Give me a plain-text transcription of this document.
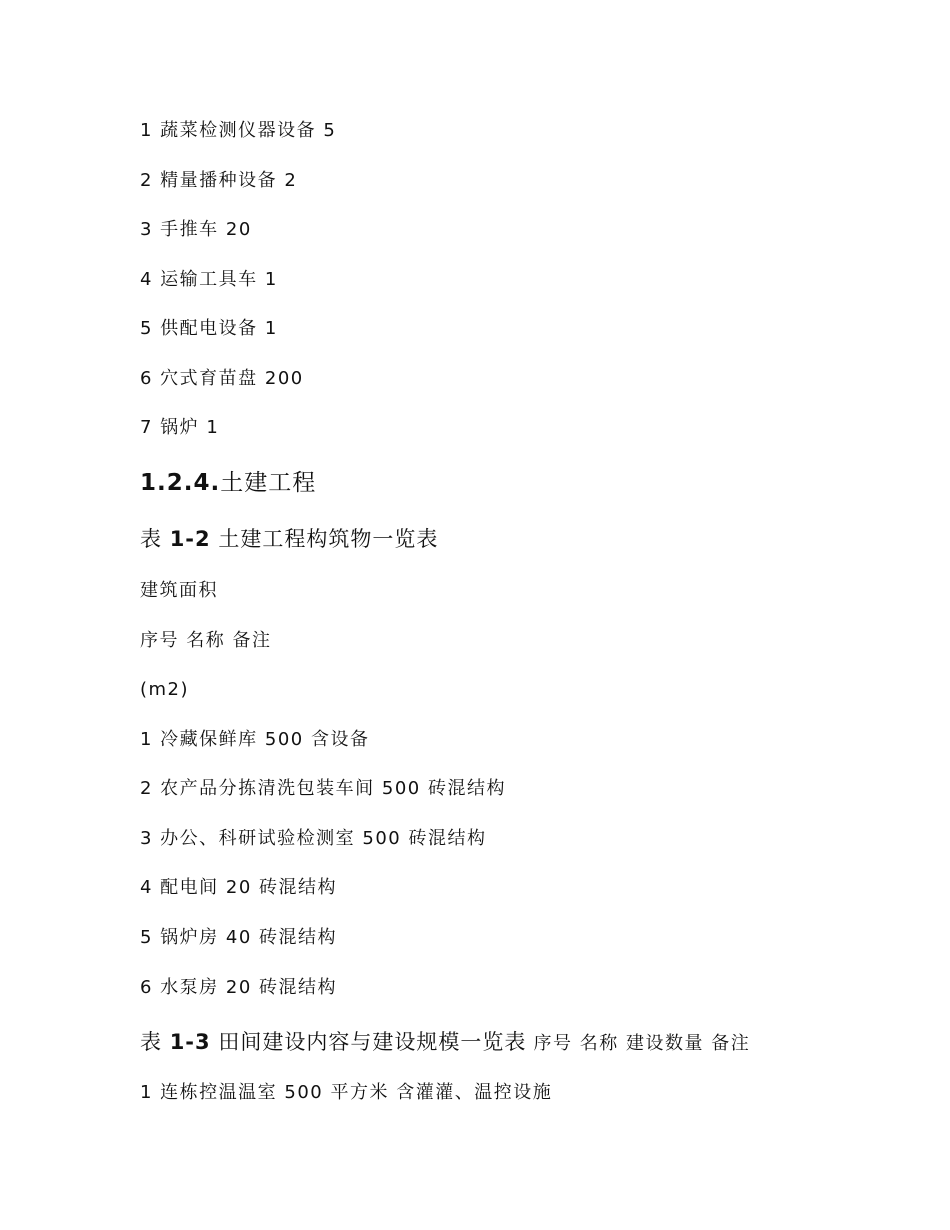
1 蔬菜检测仪器设备 5
2 精量播种设备 2
3 手推车 20
4 运输工具车 1
5 供配电设备 1
6 穴式育苗盘 200
7 锅炉 1
1.2.4.土建工程
表 1-2 土建工程构筑物一览表
建筑面积
序号 名称 备注
(m2)
1 冷藏保鲜库 500 含设备
2 农产品分拣清洗包装车间 500 砖混结构
3 办公、科研试验检测室 500 砖混结构
4 配电间 20 砖混结构
5 锅炉房 40 砖混结构
6 水泵房 20 砖混结构
表 1-3 田间建设内容与建设规模一览表 序号 名称 建设数量 备注
1 连栋控温温室 500 平方米 含灌灌、温控设施
